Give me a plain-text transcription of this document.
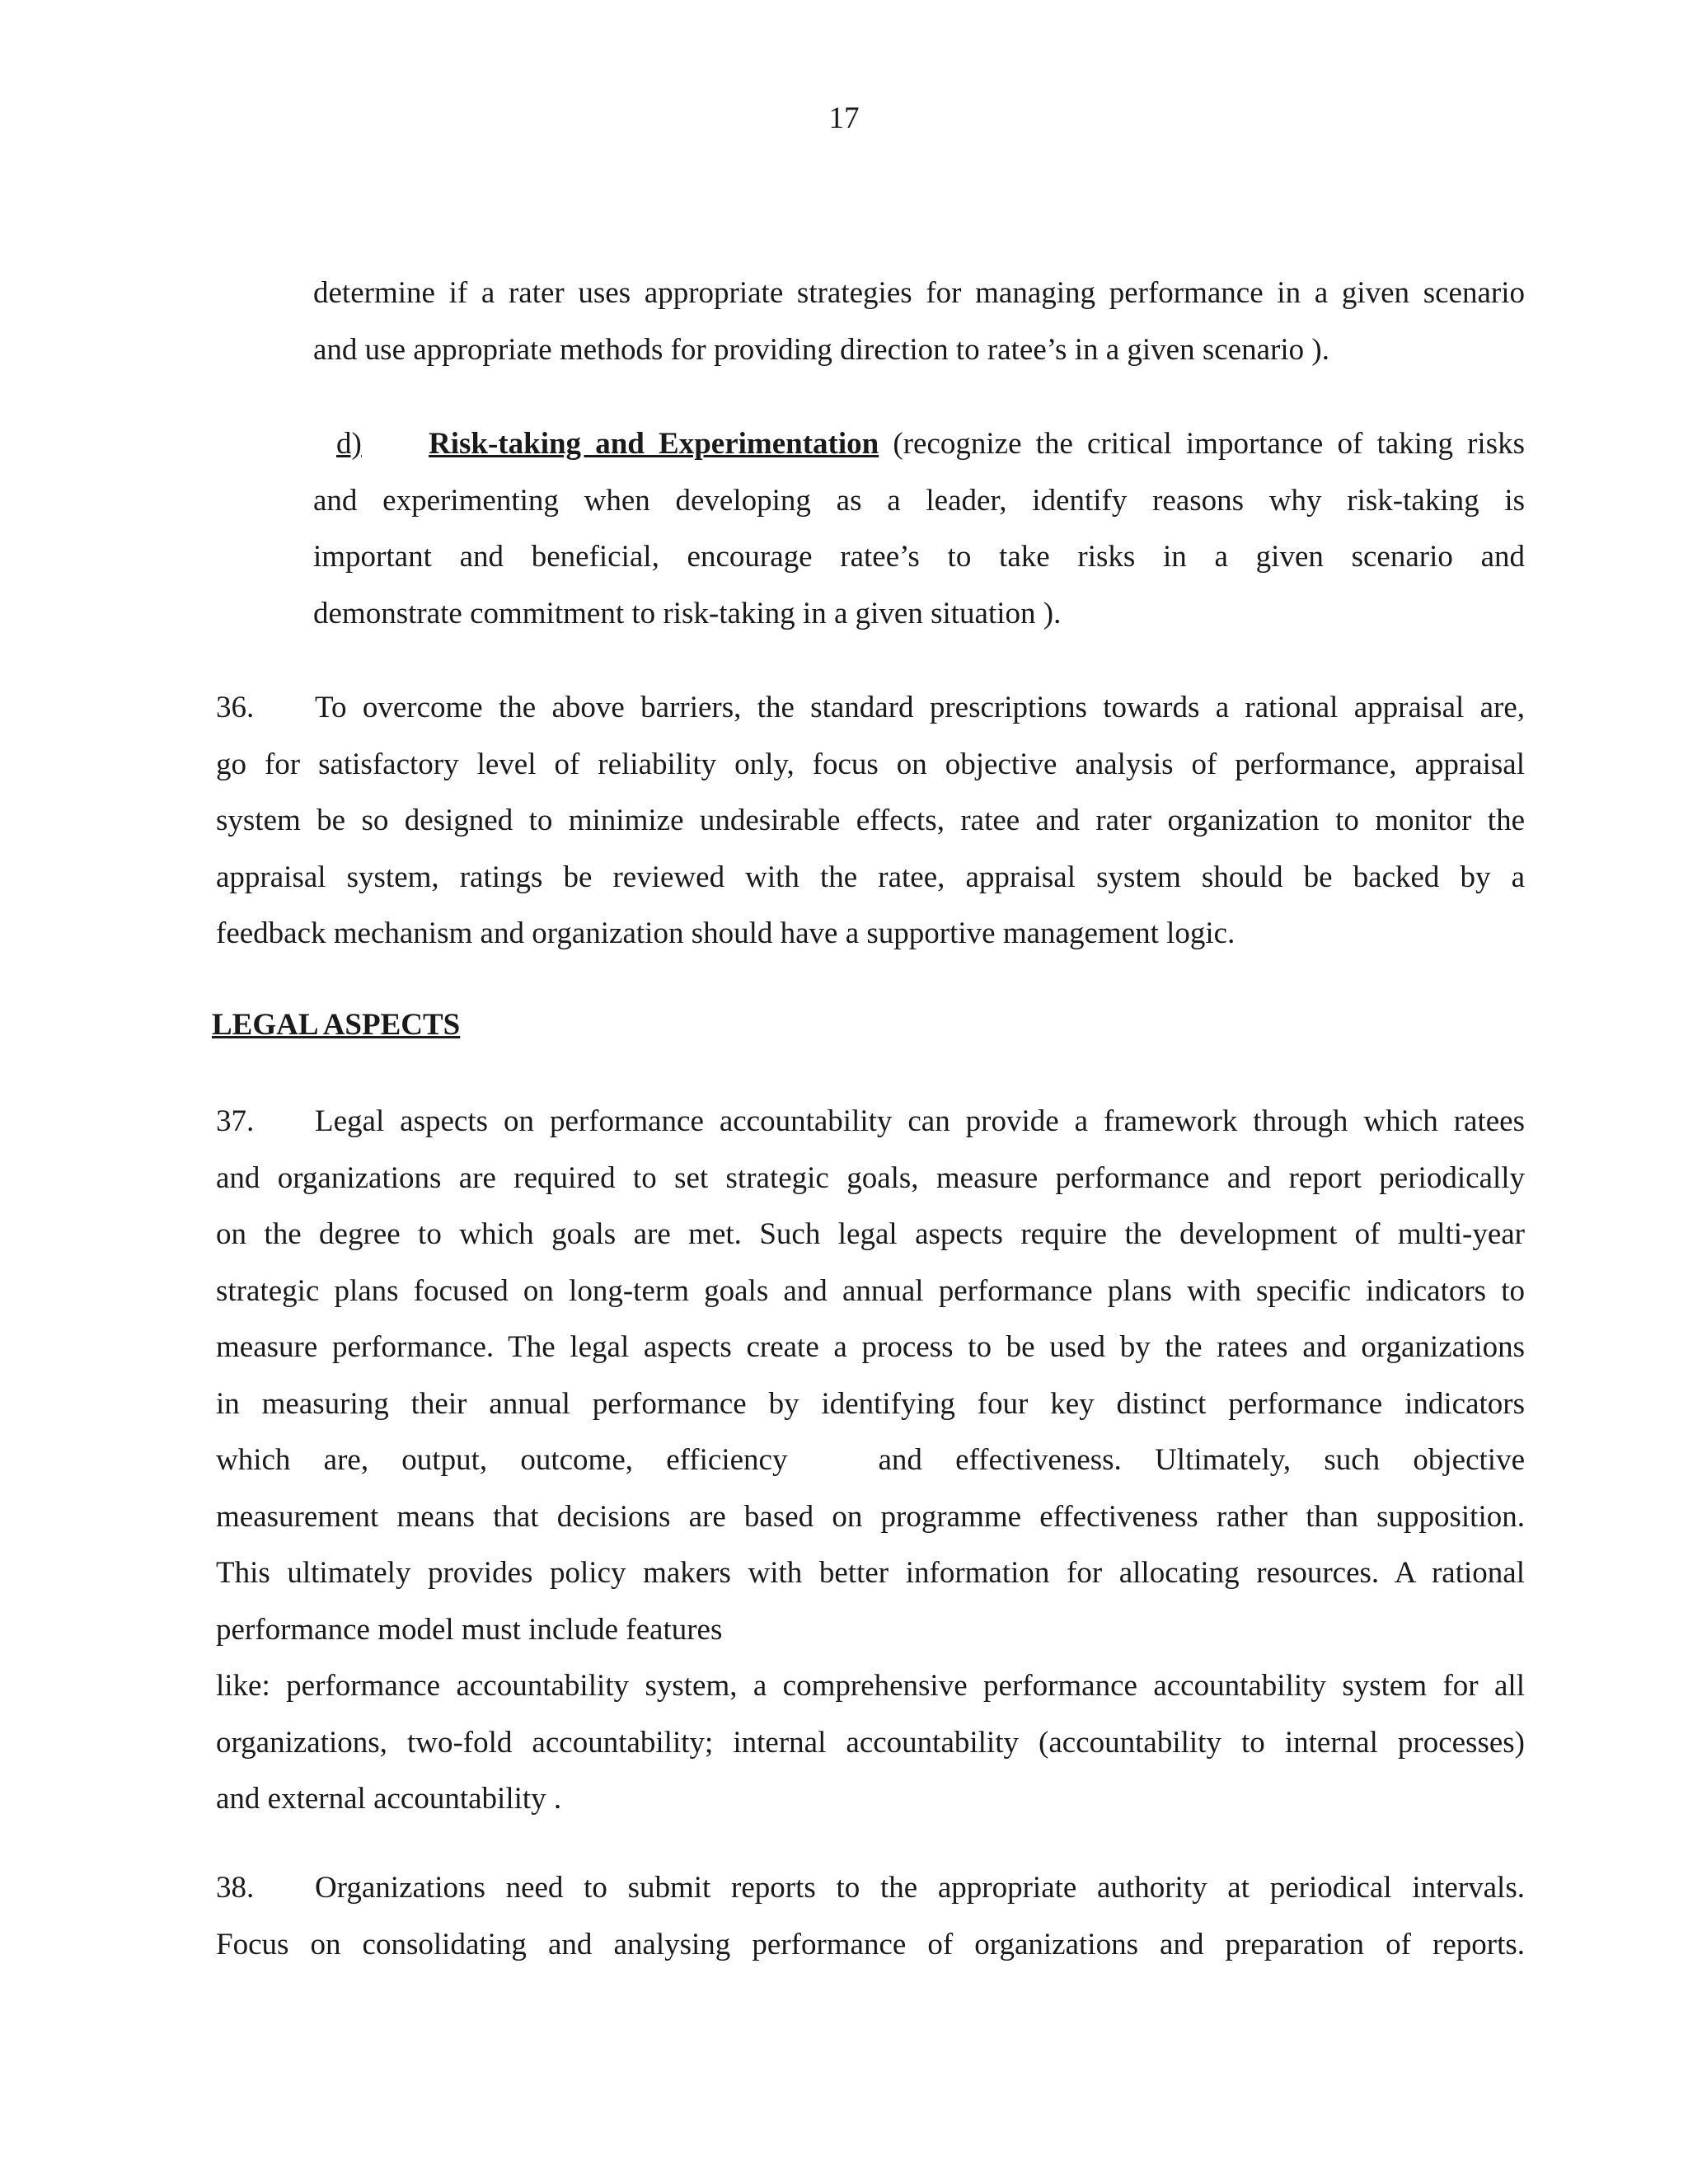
17
determine if a rater uses appropriate strategies for managing performance in a given scenario
and use appropriate methods for providing direction to ratee’s in a given scenario ).
d) Risk-taking and Experimentation (recognize the critical importance of taking risks
and experimenting when developing as a leader, identify reasons why risk-taking is
important and beneficial, encourage ratee’s to take risks in a given scenario and
demonstrate commitment to risk-taking in a given situation ).
36. To overcome the above barriers, the standard prescriptions towards a rational appraisal are,
go for satisfactory level of reliability only, focus on objective analysis of performance, appraisal
system be so designed to minimize undesirable effects, ratee and rater organization to monitor the
appraisal system, ratings be reviewed with the ratee, appraisal system should be backed by a
feedback mechanism and organization should have a supportive management logic.
LEGAL ASPECTS
37. Legal aspects on performance accountability can provide a framework through which ratees
and organizations are required to set strategic goals, measure performance and report periodically
on the degree to which goals are met. Such legal aspects require the development of multi-year
strategic plans focused on long-term goals and annual performance plans with specific indicators to
measure performance. The legal aspects create a process to be used by the ratees and organizations
in measuring their annual performance by identifying four key distinct performance indicators
which are, output, outcome, efficiency	and effectiveness. Ultimately, such objective
measurement means that decisions are based on programme effectiveness rather than supposition.
This ultimately provides policy makers with better information for allocating resources. A rational
performance model must include features
like: performance accountability system, a comprehensive performance accountability system for all
organizations, two-fold accountability; internal accountability (accountability to internal processes)
and external accountability .
38. Organizations need to submit reports to the appropriate authority at periodical intervals.
Focus on consolidating and analysing performance of organizations and preparation of reports.
